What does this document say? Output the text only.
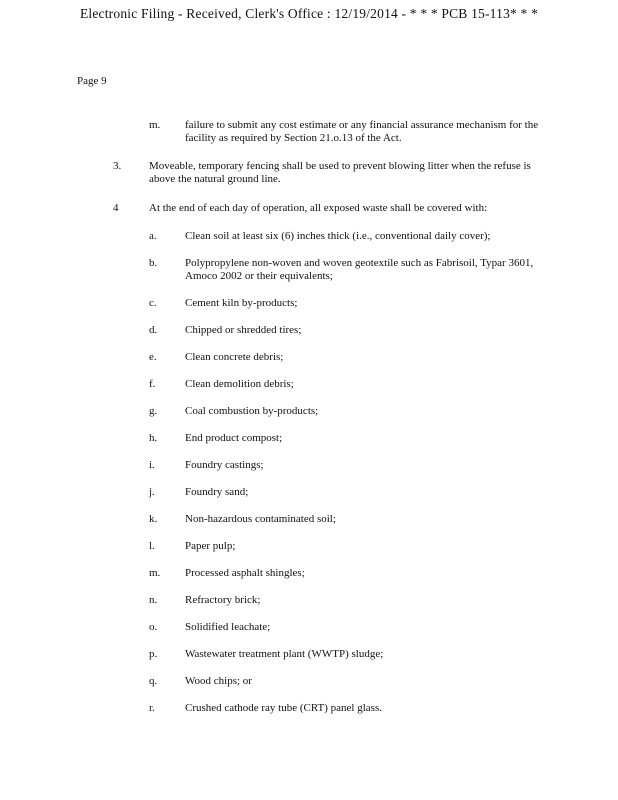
Electronic Filing - Received, Clerk's Office : 12/19/2014 - * * * PCB 15-113* * *
Page 9
m. failure to submit any cost estimate or any financial assurance mechanism for the facility as required by Section 21.o.13 of the Act.
3.	Moveable, temporary fencing shall be used to prevent blowing litter when the refuse is above the natural ground line.
4	At the end of each day of operation, all exposed waste shall be covered with:
a.	Clean soil at least six (6) inches thick (i.e., conventional daily cover);
b.	Polypropylene non-woven and woven geotextile such as Fabrisoil, Typar 3601, Amoco 2002 or their equivalents;
c.	Cement kiln by-products;
d.	Chipped or shredded tires;
e.	Clean concrete debris;
f.	Clean demolition debris;
g.	Coal combustion by-products;
h.	End product compost;
i.	Foundry castings;
j.	Foundry sand;
k.	Non-hazardous contaminated soil;
l.	Paper pulp;
m. Processed asphalt shingles;
n.	Refractory brick;
o.	Solidified leachate;
p.	Wastewater treatment plant (WWTP) sludge;
q.	Wood chips; or
r.	Crushed cathode ray tube (CRT) panel glass.
